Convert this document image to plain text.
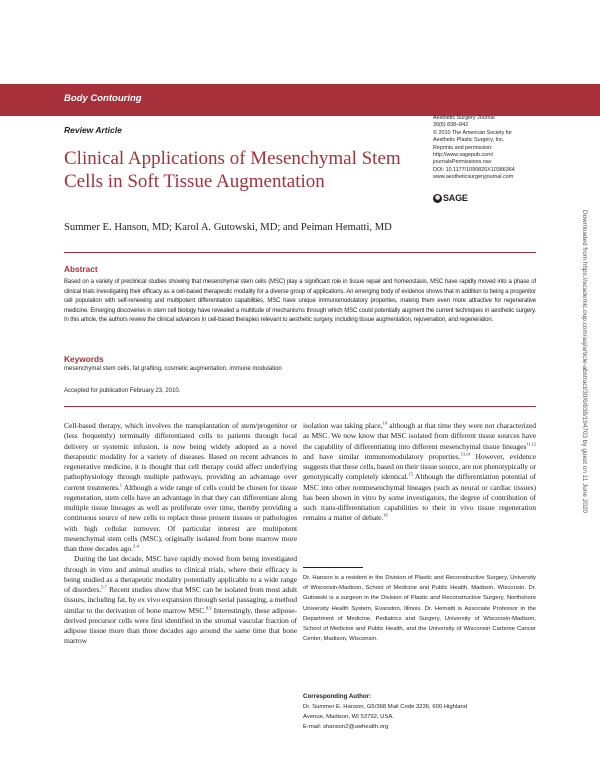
Body Contouring
Review Article
Clinical Applications of Mesenchymal Stem Cells in Soft Tissue Augmentation
Aesthetic Surgery Journal
30(6) 838–842
© 2010 The American Society for
Aesthetic Plastic Surgery, Inc.
Reprints and permission:
http://www.sagepub.com/
journalsPermissions.nav
DOI: 10.1177/1090820X10386364
www.aestheticsurgeryjournal.com
◉ SAGE
Summer E. Hanson, MD; Karol A. Gutowski, MD; and Peiman Hematti, MD
Abstract
Based on a variety of preclinical studies showing that mesenchymal stem cells (MSC) play a significant role in tissue repair and homeostasis, MSC have rapidly moved into a phase of clinical trials investigating their efficacy as a cell-based therapeutic modality for a diverse group of applications. An emerging body of evidence shows that in addition to being a progenitor cell population with self-renewing and multipotent differentiation capabilities, MSC have unique immunomodulatory properties, making them even more attractive for regenerative medicine. Emerging discoveries in stem cell biology have revealed a multitude of mechanisms through which MSC could potentially augment the current techniques in aesthetic surgery. In this article, the authors review the clinical advances in cell-based therapies relevant to aesthetic surgery, including tissue augmentation, rejuvenation, and regeneration.
Keywords
mesenchymal stem cells, fat grafting, cosmetic augmentation, immune modulation
Accepted for publication February 23, 2010.

Cell-based therapy, which involves the transplantation of stem/progenitor or (less frequently) terminally differentiated cells to patients through local delivery or systemic infusion, is now being widely adopted as a novel therapeutic modality for a variety of diseases. Based on recent advances in regenerative medicine, it is thought that cell therapy could affect underlying pathophysiology through multiple pathways, providing an advantage over current treatments.$^1$ Although a wide range of cells could be chosen for tissue regeneration, stem cells have an advantage in that they can differentiate along multiple tissue lineages as well as proliferate over time, thereby providing a continuous source of new cells to replace those present tissues or pathologies with high cellular turnover. Of particular interest are multipotent mesenchymal stem cells (MSC), originally isolated from bone marrow more than three decades ago.$^{2-4}$

During the last decade, MSC have rapidly moved from being investigated through in vitro and animal studies to clinical trials, where their efficacy is being studied as a therapeutic modality potentially applicable to a wide range of disorders.$^{5-7}$ Recent studies show that MSC can be isolated from most adult tissues, including fat, by ex vivo expansion through serial passaging, a method similar to the derivation of bone marrow MSC.$^{8,9}$ Interestingly, these adipose-derived precursor cells were first identified in the stromal vascular fraction of adipose tissue more than three decades ago around the same time that bone marrow

isolation was taking place,$^{10}$ although at that time they were not characterized as MSC. We now know that MSC isolated from different tissue sources have the capability of differentiating into different mesenchymal tissue lineages$^{11,12}$ and have similar immunomodulatory properties.$^{13,14}$ However, evidence suggests that these cells, based on their tissue source, are not phenotypically or genotypically completely identical.$^{15}$ Although the differentiation potential of MSC into other nonmesenchymal lineages (such as neural or cardiac tissues) has been shown in vitro by some investigators, the degree of contribution of such trans-differentiation capabilities to their in vivo tissue regeneration remains a matter of debate.$^{16}$

Dr. Hanson is a resident in the Division of Plastic and Reconstructive Surgery, University of Wisconsin-Madison, School of Medicine and Public Health, Madison, Wisconsin. Dr. Gutowski is a surgeon in the Division of Plastic and Reconstructive Surgery, Northshore University Health System, Evanston, Illinois. Dr. Hematti is Associate Professor in the Department of Medicine, Pediatrics and Surgery, University of Wisconsin-Madison, School of Medicine and Public Health, and the University of Wisconsin Carbone Cancer Center, Madison, Wisconsin.
Corresponding Author:
Dr. Summer E. Hanson, G5/368 Mail Code 3236, 600 Highland
Avenue, Madison, WI 53792, USA.
E-mail: shanson2@uwhealth.org
Downloaded from https://academic.oup.com/asj/article-abstract/30/6/838/194703 by guest on 11 June 2020
